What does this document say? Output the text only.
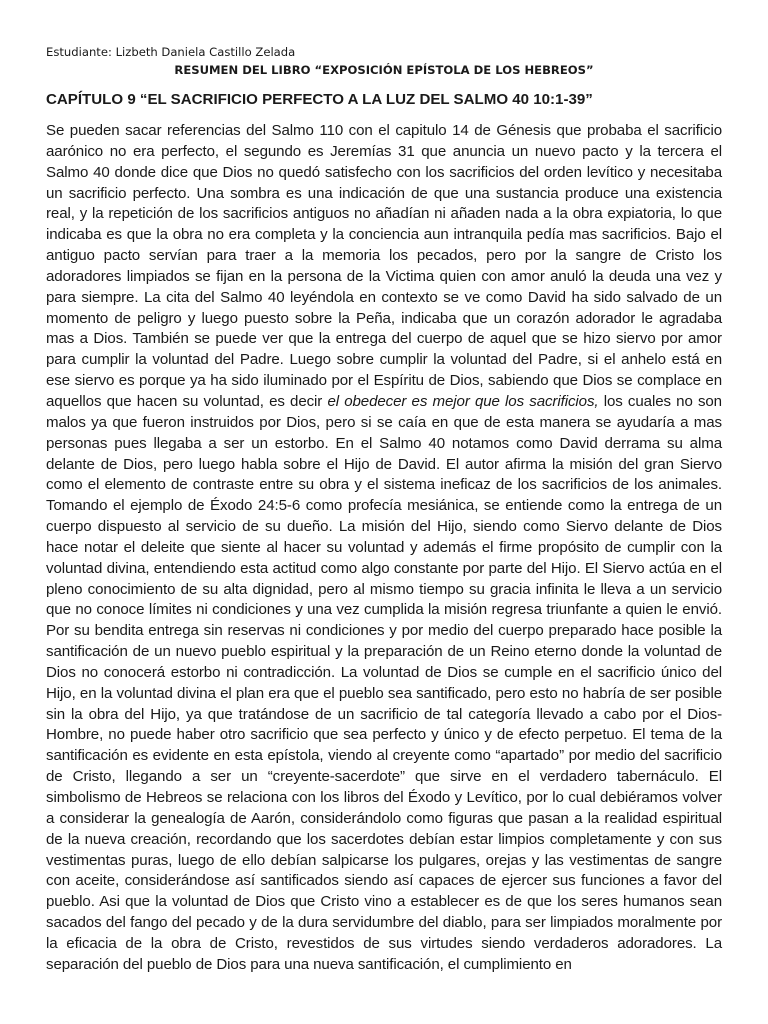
Estudiante: Lizbeth Daniela Castillo Zelada

RESUMEN DEL LIBRO “EXPOSICIÓN EPÍSTOLA DE LOS HEBREOS”

CAPÍTULO 9 “EL SACRIFICIO PERFECTO A LA LUZ DEL SALMO 40 10:1-39”

Se pueden sacar referencias del Salmo 110 con el capitulo 14 de Génesis que probaba el sacrificio aarónico no era perfecto, el segundo es Jeremías 31 que anuncia un nuevo pacto y la tercera el Salmo 40 donde dice que Dios no quedó satisfecho con los sacrificios del orden levítico y necesitaba un sacrificio perfecto. Una sombra es una indicación de que una sustancia produce una existencia real, y la repetición de los sacrificios antiguos no añadían ni añaden nada a la obra expiatoria, lo que indicaba es que la obra no era completa y la conciencia aun intranquila pedía mas sacrificios. Bajo el antiguo pacto servían para traer a la memoria los pecados, pero por la sangre de Cristo los adoradores limpiados se fijan en la persona de la Victima quien con amor anuló la deuda una vez y para siempre. La cita del Salmo 40 leyéndola en contexto se ve como David ha sido salvado de un momento de peligro y luego puesto sobre la Peña, indicaba que un corazón adorador le agradaba mas a Dios. También se puede ver que la entrega del cuerpo de aquel que se hizo siervo por amor para cumplir la voluntad del Padre. Luego sobre cumplir la voluntad del Padre, si el anhelo está en ese siervo es porque ya ha sido iluminado por el Espíritu de Dios, sabiendo que Dios se complace en aquellos que hacen su voluntad, es decir el obedecer es mejor que los sacrificios, los cuales no son malos ya que fueron instruidos por Dios, pero si se caía en que de esta manera se ayudaría a mas personas pues llegaba a ser un estorbo. En el Salmo 40 notamos como David derrama su alma delante de Dios, pero luego habla sobre el Hijo de David. El autor afirma la misión del gran Siervo como el elemento de contraste entre su obra y el sistema ineficaz de los sacrificios de los animales. Tomando el ejemplo de Éxodo 24:5-6 como profecía mesiánica, se entiende como la entrega de un cuerpo dispuesto al servicio de su dueño. La misión del Hijo, siendo como Siervo delante de Dios hace notar el deleite que siente al hacer su voluntad y además el firme propósito de cumplir con la voluntad divina, entendiendo esta actitud como algo constante por parte del Hijo. El Siervo actúa en el pleno conocimiento de su alta dignidad, pero al mismo tiempo su gracia infinita le lleva a un servicio que no conoce límites ni condiciones y una vez cumplida la misión regresa triunfante a quien le envió. Por su bendita entrega sin reservas ni condiciones y por medio del cuerpo preparado hace posible la santificación de un nuevo pueblo espiritual y la preparación de un Reino eterno donde la voluntad de Dios no conocerá estorbo ni contradicción. La voluntad de Dios se cumple en el sacrificio único del Hijo, en la voluntad divina el plan era que el pueblo sea santificado, pero esto no habría de ser posible sin la obra del Hijo, ya que tratándose de un sacrificio de tal categoría llevado a cabo por el Dios-Hombre, no puede haber otro sacrificio que sea perfecto y único y de efecto perpetuo. El tema de la santificación es evidente en esta epístola, viendo al creyente como “apartado” por medio del sacrificio de Cristo, llegando a ser un “creyente-sacerdote” que sirve en el verdadero tabernáculo. El simbolismo de Hebreos se relaciona con los libros del Éxodo y Levítico, por lo cual debiéramos volver a considerar la genealogía de Aarón, considerándolo como figuras que pasan a la realidad espiritual de la nueva creación, recordando que los sacerdotes debían estar limpios completamente y con sus vestimentas puras, luego de ello debían salpicarse los pulgares, orejas y las vestimentas de sangre con aceite, considerándose así santificados siendo así capaces de ejercer sus funciones a favor del pueblo. Asi que la voluntad de Dios que Cristo vino a establecer es de que los seres humanos sean sacados del fango del pecado y de la dura servidumbre del diablo, para ser limpiados moralmente por la eficacia de la obra de Cristo, revestidos de sus virtudes siendo verdaderos adoradores. La separación del pueblo de Dios para una nueva santificación, el cumplimiento en
